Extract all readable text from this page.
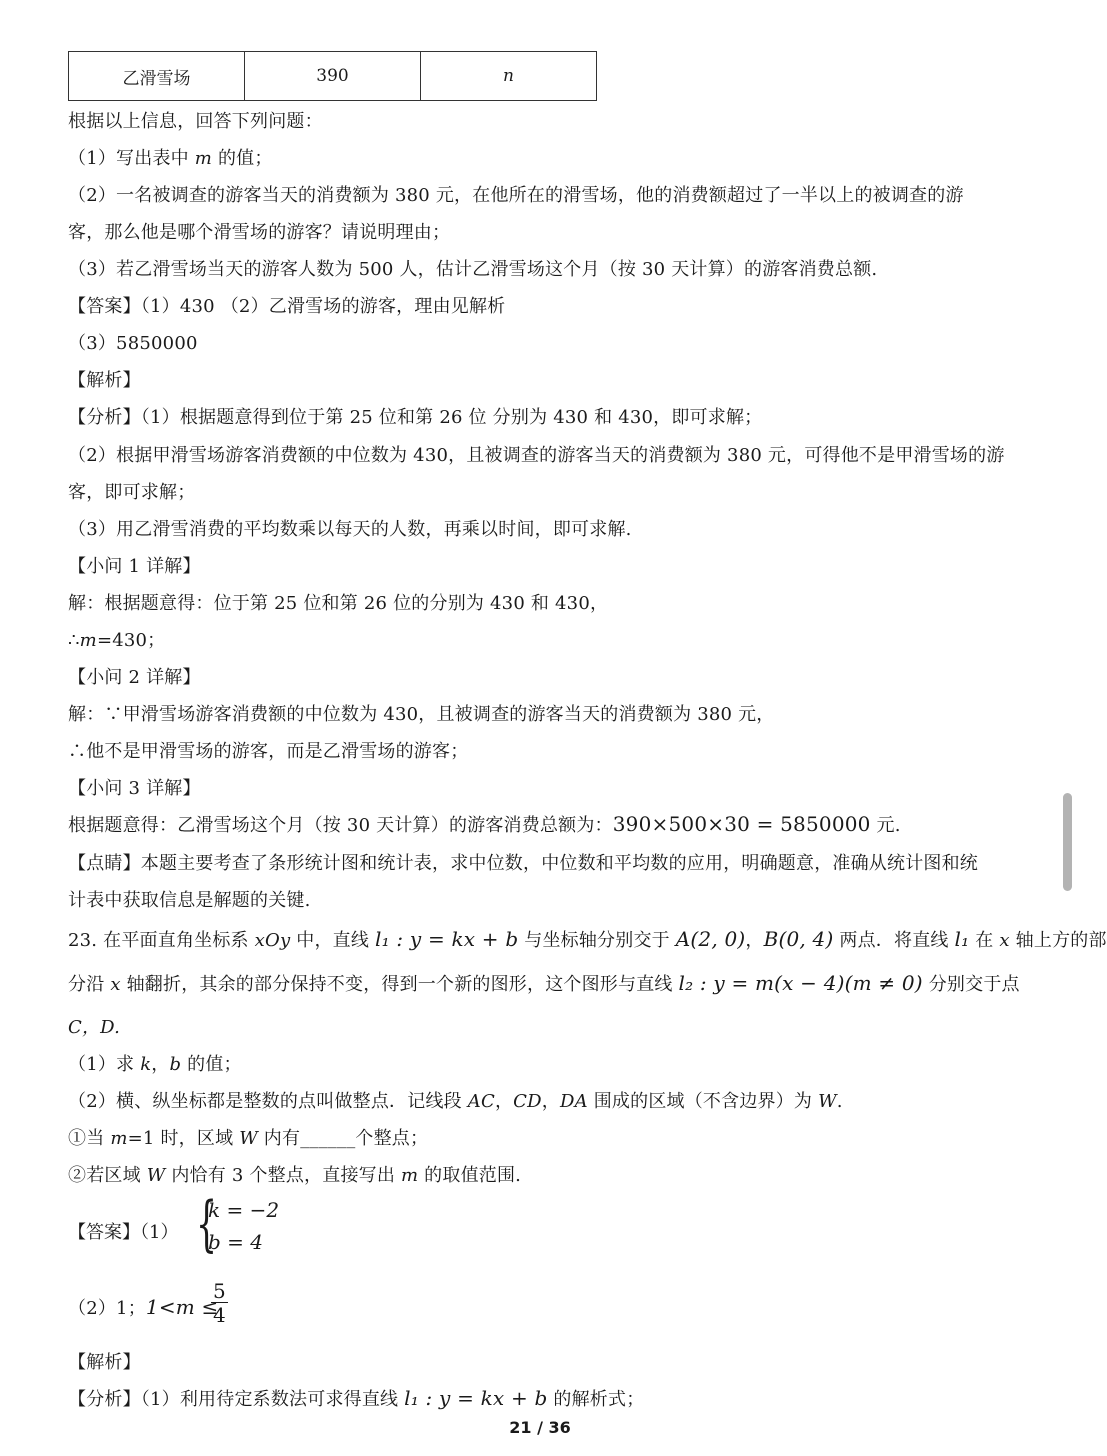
乙滑雪场	390	n
根据以上信息，回答下列问题：
（1）写出表中 m 的值；
（2）一名被调查的游客当天的消费额为 380 元，在他所在的滑雪场，他的消费额超过了一半以上的被调查的游
客，那么他是哪个滑雪场的游客？请说明理由；
（3）若乙滑雪场当天的游客人数为 500 人，估计乙滑雪场这个月（按 30 天计算）的游客消费总额.
【答案】（1）430 （2）乙滑雪场的游客，理由见解析
（3）5850000
【解析】
【分析】（1）根据题意得到位于第 25 位和第 26 位 分别为 430 和 430，即可求解；
（2）根据甲滑雪场游客消费额的中位数为 430，且被调查的游客当天的消费额为 380 元，可得他不是甲滑雪场的游
客，即可求解；
（3）用乙滑雪消费的平均数乘以每天的人数，再乘以时间，即可求解.
【小问 1 详解】
解：根据题意得：位于第 25 位和第 26 位的分别为 430 和 430，
∴m=430；
【小问 2 详解】
解：∵甲滑雪场游客消费额的中位数为 430，且被调查的游客当天的消费额为 380 元，
∴他不是甲滑雪场的游客，而是乙滑雪场的游客；
【小问 3 详解】
根据题意得：乙滑雪场这个月（按 30 天计算）的游客消费总额为：390×500×30 = 5850000 元.
【点睛】本题主要考查了条形统计图和统计表，求中位数，中位数和平均数的应用，明确题意，准确从统计图和统
计表中获取信息是解题的关键.
23. 在平面直角坐标系 xOy 中，直线 l₁ : y = kx + b 与坐标轴分别交于 A(2, 0)，B(0, 4) 两点．将直线 l₁ 在 x 轴上方的部
分沿 x 轴翻折，其余的部分保持不变，得到一个新的图形，这个图形与直线 l₂ : y = m(x − 4)(m ≠ 0) 分别交于点
C，D.
（1）求 k，b 的值；
（2）横、纵坐标都是整数的点叫做整点．记线段 AC，CD，DA 围成的区域（不含边界）为 W.
①当 m=1 时，区域 W 内有______个整点；
②若区域 W 内恰有 3 个整点，直接写出 m 的取值范围.
【答案】（1） {
k = −2
b = 4
（2）1；1<m ≤
$\frac{5}{4}$
【解析】
【分析】（1）利用待定系数法可求得直线 l₁ : y = kx + b 的解析式；
21 / 36
